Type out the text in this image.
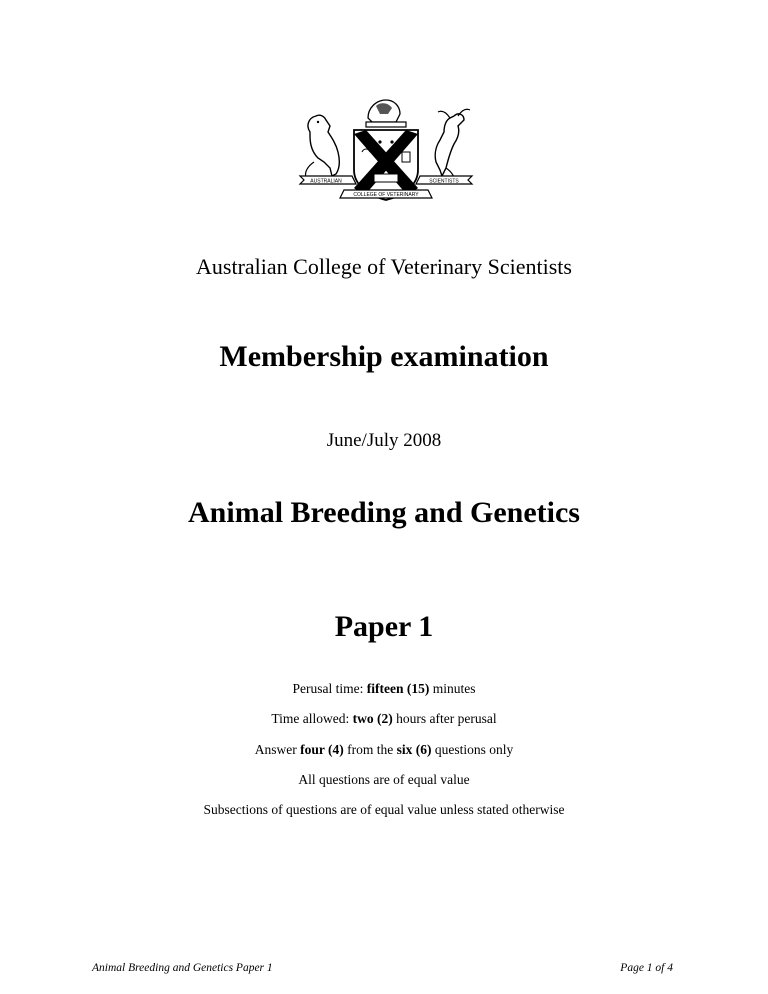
AUSTRALIAN	SCIENTISTS
COLLEGE OF VETERINARY
Australian College of Veterinary Scientists
Membership examination
June/July 2008
Animal Breeding and Genetics
Paper 1
Perusal time: fifteen (15) minutes
Time allowed: two (2) hours after perusal
Answer four (4) from the six (6) questions only
All questions are of equal value
Subsections of questions are of equal value unless stated otherwise
Animal Breeding and Genetics Paper 1	Page 1 of 4
